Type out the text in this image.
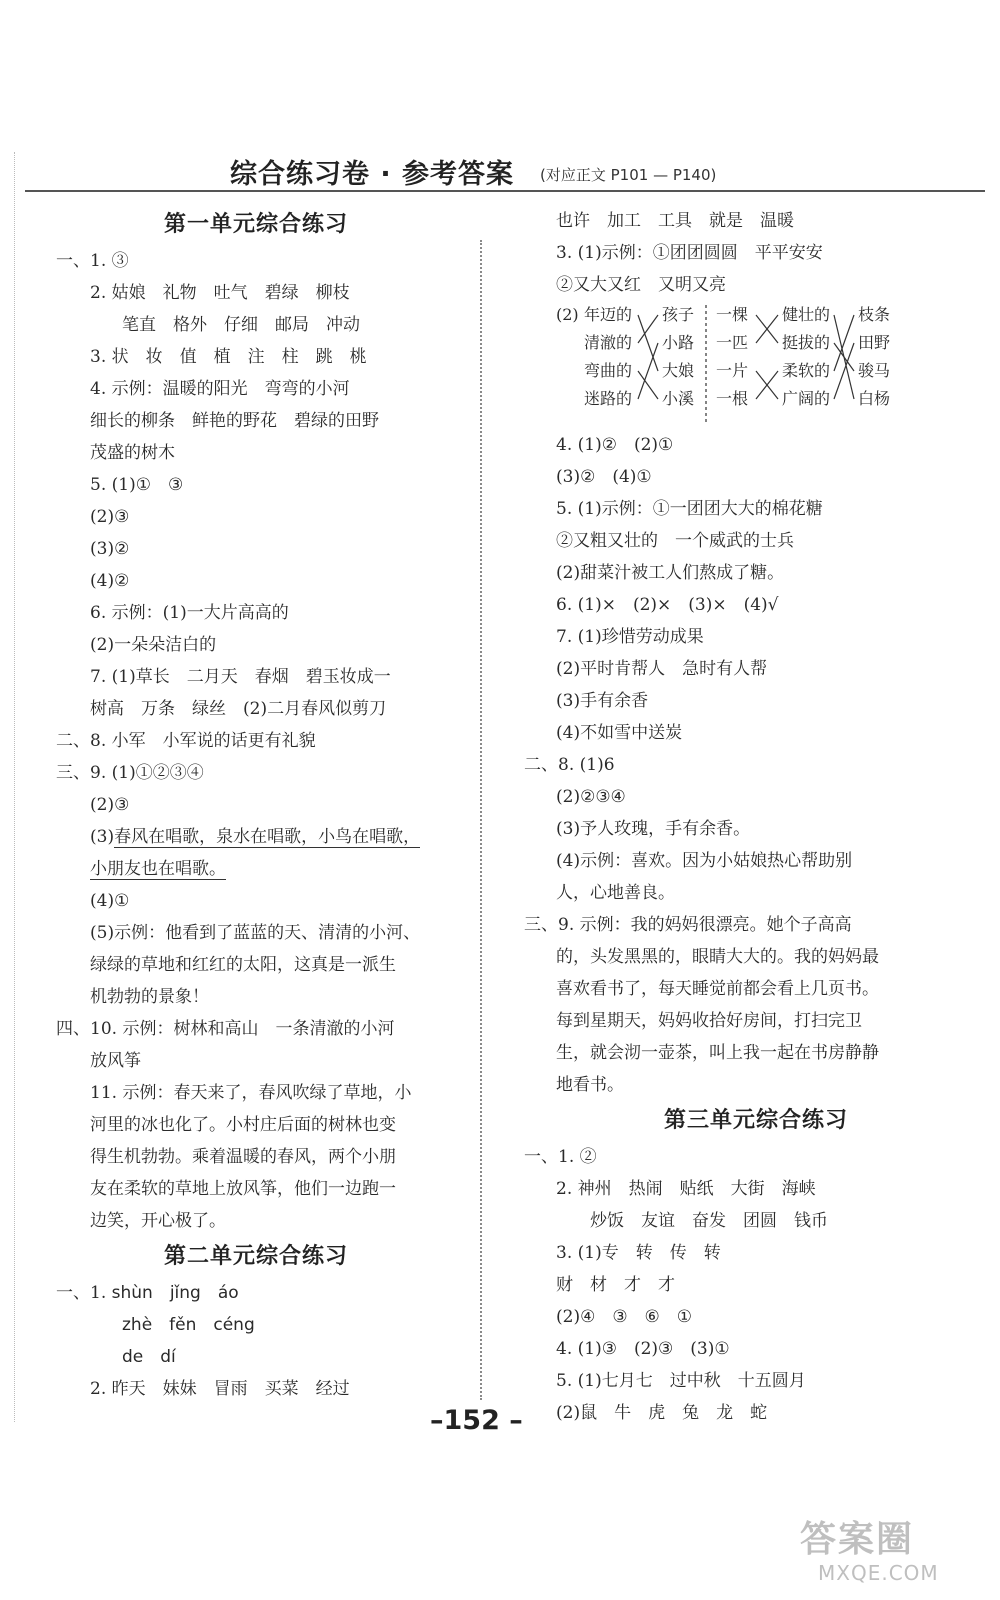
综合练习卷 · 参考答案 (对应正文 P101 — P140)
第一单元综合练习
一、1. ③
2. 姑娘　礼物　吐气　碧绿　柳枝
笔直　格外　仔细　邮局　冲动
3. 状　妆　值　植　注　柱　跳　桃
4. 示例：温暖的阳光　弯弯的小河
细长的柳条　鲜艳的野花　碧绿的田野
茂盛的树木
5. (1)①　③
(2)③
(3)②
(4)②
6. 示例：(1)一大片高高的
(2)一朵朵洁白的
7. (1)草长　二月天　春烟　碧玉妆成一
树高　万条　绿丝　(2)二月春风似剪刀
二、8. 小军　小军说的话更有礼貌
三、9. (1)①②③④
(2)③
(3)春风在唱歌，泉水在唱歌，小鸟在唱歌，
小朋友也在唱歌。
(4)①
(5)示例：他看到了蓝蓝的天、清清的小河、
绿绿的草地和红红的太阳，这真是一派生
机勃勃的景象！
四、10. 示例：树林和高山　一条清澈的小河
放风筝
11. 示例：春天来了，春风吹绿了草地，小
河里的冰也化了。小村庄后面的树林也变
得生机勃勃。乘着温暖的春风，两个小朋
友在柔软的草地上放风筝，他们一边跑一
边笑，开心极了。
第二单元综合练习
一、1. shùn　jǐng　áo
zhè　fěn　céng
de　dí
2. 昨天　妹妹　冒雨　买菜　经过
也许　加工　工具　就是　温暖
3. (1)示例：①团团圆圆　平平安安
②又大又红　又明又亮
(2) 年迈的
清澈的
弯曲的
迷路的
孩子
小路
大娘
小溪
一棵
一匹
一片
一根
健壮的
挺拔的
柔软的
广阔的
枝条
田野
骏马
白杨
4. (1)②　(2)①
(3)②　(4)①
5. (1)示例：①一团团大大的棉花糖
②又粗又壮的　一个威武的士兵
(2)甜菜汁被工人们熬成了糖。
6. (1)×　(2)×　(3)×　(4)√
7. (1)珍惜劳动成果
(2)平时肯帮人　急时有人帮
(3)手有余香
(4)不如雪中送炭
二、8. (1)6
(2)②③④
(3)予人玫瑰，手有余香。
(4)示例：喜欢。因为小姑娘热心帮助别
人，心地善良。
三、9. 示例：我的妈妈很漂亮。她个子高高
的，头发黑黑的，眼睛大大的。我的妈妈最
喜欢看书了，每天睡觉前都会看上几页书。
每到星期天，妈妈收拾好房间，打扫完卫
生，就会沏一壶茶，叫上我一起在书房静静
地看书。
第三单元综合练习
一、1. ②
2. 神州　热闹　贴纸　大街　海峡
炒饭　友谊　奋发　团圆　钱币
3. (1)专　转　传　转
财　材　才　才
(2)④　③　⑥　①
4. (1)③　(2)③　(3)①
5. (1)七月七　过中秋　十五圆月
(2)鼠　牛　虎　兔　龙　蛇
–152 –
答案圈
MXQE.COM
